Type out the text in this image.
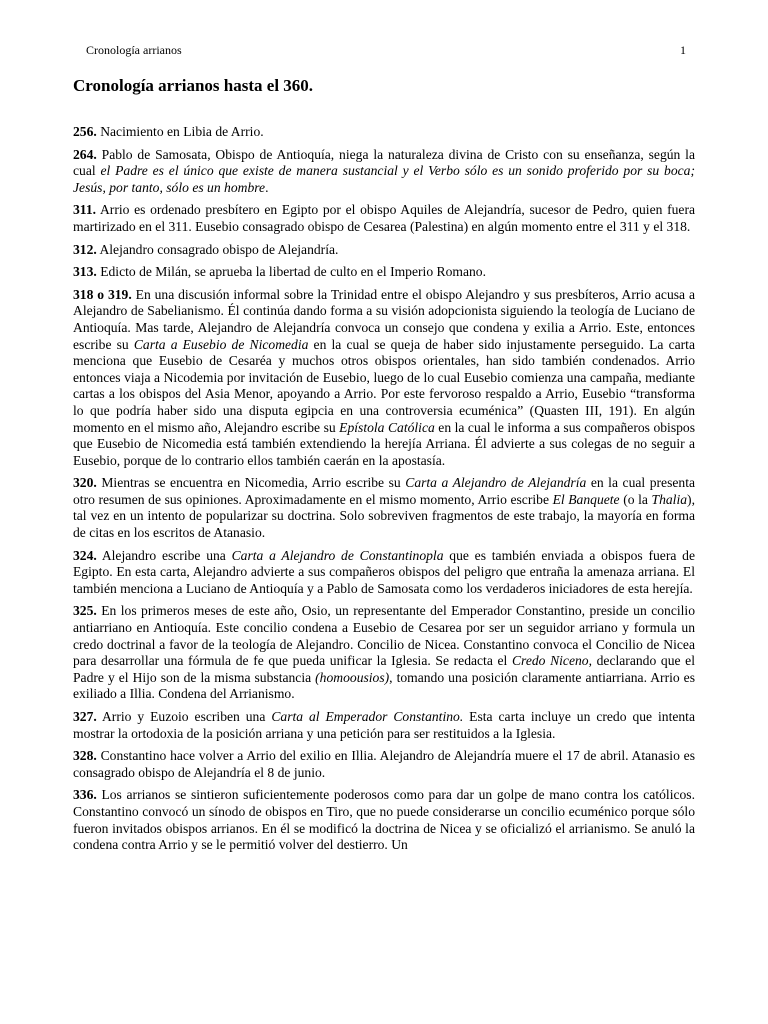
Cronología arrianos	1
Cronología arrianos hasta el 360.

256. Nacimiento en Libia de Arrio.

264. Pablo de Samosata, Obispo de Antioquía, niega la naturaleza divina de Cristo con su enseñanza, según la cual el Padre es el único que existe de manera sustancial y el Verbo sólo es un sonido proferido por su boca; Jesús, por tanto, sólo es un hombre.

311. Arrio es ordenado presbítero en Egipto por el obispo Aquiles de Alejandría, sucesor de Pedro, quien fuera martirizado en el 311. Eusebio consagrado obispo de Cesarea (Palestina) en algún momento entre el 311 y el 318.

312. Alejandro consagrado obispo de Alejandría.

313. Edicto de Milán, se aprueba la libertad de culto en el Imperio Romano.

318 o 319. En una discusión informal sobre la Trinidad entre el obispo Alejandro y sus presbíteros, Arrio acusa a Alejandro de Sabelianismo. Él continúa dando forma a su visión adopcionista siguiendo la teología de Luciano de Antioquía. Mas tarde, Alejandro de Alejandría convoca un consejo que condena y exilia a Arrio. Este, entonces escribe su Carta a Eusebio de Nicomedia en la cual se queja de haber sido injustamente perseguido. La carta menciona que Eusebio de Cesaréa y muchos otros obispos orientales, han sido también condenados. Arrio entonces viaja a Nicodemia por invitación de Eusebio, luego de lo cual Eusebio comienza una campaña, mediante cartas a los obispos del Asia Menor, apoyando a Arrio. Por este fervoroso respaldo a Arrio, Eusebio “transforma lo que podría haber sido una disputa egipcia en una controversia ecuménica” (Quasten III, 191). En algún momento en el mismo año, Alejandro escribe su Epístola Católica en la cual le informa a sus compañeros obispos que Eusebio de Nicomedia está también extendiendo la herejía Arriana. Él advierte a sus colegas de no seguir a Eusebio, porque de lo contrario ellos también caerán en la apostasía.

320. Mientras se encuentra en Nicomedia, Arrio escribe su Carta a Alejandro de Alejandría en la cual presenta otro resumen de sus opiniones. Aproximadamente en el mismo momento, Arrio escribe El Banquete (o la Thalia), tal vez en un intento de popularizar su doctrina. Solo sobreviven fragmentos de este trabajo, la mayoría en forma de citas en los escritos de Atanasio.

324. Alejandro escribe una Carta a Alejandro de Constantinopla que es también enviada a obispos fuera de Egipto. En esta carta, Alejandro advierte a sus compañeros obispos del peligro que entraña la amenaza arriana. El también menciona a Luciano de Antioquía y a Pablo de Samosata como los verdaderos iniciadores de esta herejía.

325. En los primeros meses de este año, Osio, un representante del Emperador Constantino, preside un concilio antiarriano en Antioquía. Este concilio condena a Eusebio de Cesarea por ser un seguidor arriano y formula un credo doctrinal a favor de la teología de Alejandro. Concilio de Nicea. Constantino convoca el Concilio de Nicea para desarrollar una fórmula de fe que pueda unificar la Iglesia. Se redacta el Credo Niceno, declarando que el Padre y el Hijo son de la misma substancia (homoousios), tomando una posición claramente antiarriana. Arrio es exiliado a Illia. Condena del Arrianismo.

327. Arrio y Euzoio escriben una Carta al Emperador Constantino. Esta carta incluye un credo que intenta mostrar la ortodoxia de la posición arriana y una petición para ser restituidos a la Iglesia.

328. Constantino hace volver a Arrio del exilio en Illia. Alejandro de Alejandría muere el 17 de abril. Atanasio es consagrado obispo de Alejandría el 8 de junio.

336. Los arrianos se sintieron suficientemente poderosos como para dar un golpe de mano contra los católicos. Constantino convocó un sínodo de obispos en Tiro, que no puede considerarse un concilio ecuménico porque sólo fueron invitados obispos arrianos. En él se modificó la doctrina de Nicea y se oficializó el arrianismo. Se anuló la condena contra Arrio y se le permitió volver del destierro. Un
